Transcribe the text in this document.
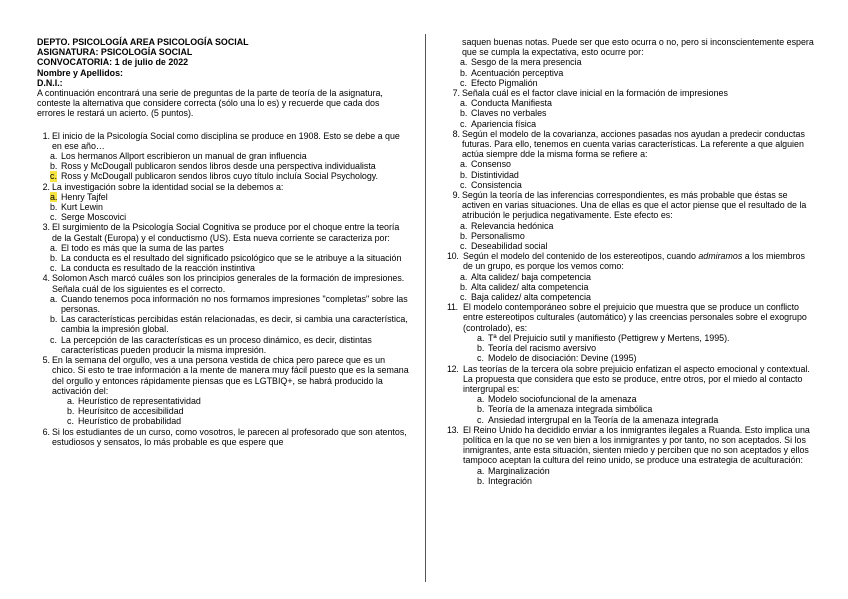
DEPTO. PSICOLOGÍA AREA PSICOLOGÍA SOCIAL

ASIGNATURA: PSICOLOGÍA SOCIAL

CONVOCATORIA: 1 de julio de 2022

Nombre y Apellidos:

D.N.I.:

A continuación encontrará una serie de preguntas de la parte de teoría de la asignatura, conteste la alternativa que considere correcta (sólo una lo es) y recuerde que cada dos errores le restará un acierto. (5 puntos).

1. El inicio de la Psicología Social como disciplina se produce en 1908. Esto se debe a que en ese año…
a. Los hermanos Allport escribieron un manual de gran influencia
b. Ross y McDougall publicaron sendos libros desde una perspectiva individualista
c. Ross y McDougall publicaron sendos libros cuyo título incluía Social Psychology.
2. La investigación sobre la identidad social se la debemos a:
a. Henry Tajfel
b. Kurt Lewin
c. Serge Moscovici
3. El surgimiento de la Psicología Social Cognitiva se produce por el choque entre la teoría de la Gestalt (Europa) y el conductismo (US). Esta nueva corriente se caracteriza por:
a. El todo es más que la suma de las partes
b. La conducta es el resultado del significado psicológico que se le atribuye a la situación
c. La conducta es resultado de la reacción instintiva
4. Solomon Asch marcó cuáles son los principios generales de la formación de impresiones. Señala cuál de los siguientes es el correcto.
a. Cuando tenemos poca información no nos formamos impresiones "completas" sobre las personas.
b. Las características percibidas están relacionadas, es decir, si cambia una característica, cambia la impresión global.
c. La percepción de las características es un proceso dinámico, es decir, distintas características pueden producir la misma impresión.
5. En la semana del orgullo, ves a una persona vestida de chica pero parece que es un chico. Si esto te trae información a la mente de manera muy fácil puesto que es la semana del orgullo y entonces rápidamente piensas que es LGTBIQ+, se habrá producido la activación del:
a. Heurístico de representatividad
b. Heurísitco de accesibilidad
c. Heurístico de probabilidad
6. Si los estudiantes de un curso, como vosotros, le parecen al profesorado que son atentos, estudiosos y sensatos, lo más probable es que espere que
saquen buenas notas. Puede ser que esto ocurra o no, pero si inconscientemente espera que se cumpla la expectativa, esto ocurre por:
a. Sesgo de la mera presencia
b. Acentuación perceptiva
c. Efecto Pigmalión
7. Señala cuál es el factor clave inicial en la formación de impresiones
a. Conducta Manifiesta
b. Claves no verbales
c. Apariencia física
8. Según el modelo de la covarianza, acciones pasadas nos ayudan a predecir conductas futuras. Para ello, tenemos en cuenta varias características. La referente a que alguien actúa siempre dde la misma forma se refiere a:
a. Consenso
b. Distintividad
c. Consistencia
9. Según la teoría de las inferencias correspondientes, es más probable que éstas se activen en varias situaciones. Una de ellas es que el actor piense que el resultado de la atribución le perjudica negativamente. Este efecto es:
a. Relevancia hedónica
b. Personalismo
c. Deseabilidad social
10. Según el modelo del contenido de los estereotipos, cuando admiramos a los miembros de un grupo, es porque los vemos como:
a. Alta calidez/ baja competencia
b. Alta calidez/ alta competencia
c. Baja calidez/ alta competencia
11. El modelo contemporáneo sobre el prejuicio que muestra que se produce un conflicto entre estereotipos culturales (automático) y las creencias personales sobre el exogrupo (controlado), es:
a. Tª del Prejuicio sutil y manifiesto (Pettigrew y Mertens, 1995).
b. Teoría del racismo aversivo
c. Modelo de disociación: Devine (1995)
12. Las teorías de la tercera ola sobre prejuicio enfatizan el aspecto emocional y contextual. La propuesta que considera que esto se produce, entre otros, por el miedo al contacto intergrupal es:
a. Modelo sociofuncional de la amenaza
b. Teoría de la amenaza integrada simbólica
c. Ansiedad intergrupal en la Teoría de la amenaza integrada
13. El Reino Unido ha decidido enviar a los inmigrantes ilegales a Ruanda. Esto implica una política en la que no se ven bien a los inmigrantes y por tanto, no son aceptados. Si los inmigrantes, ante esta situación, sienten miedo y perciben que no son aceptados y ellos tampoco aceptan la cultura del reino unido, se produce una estrategia de aculturación:
a. Marginalización
b. Integración
